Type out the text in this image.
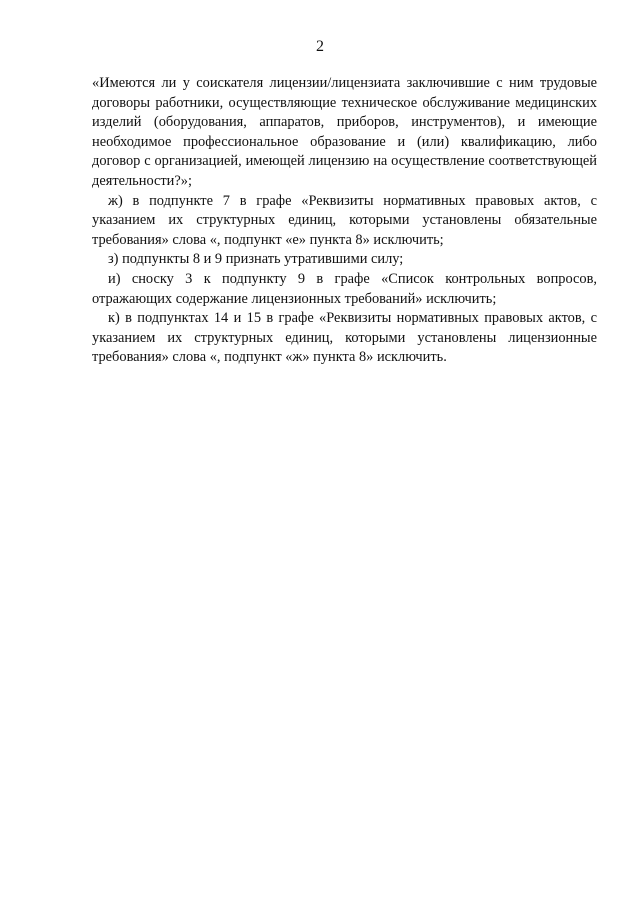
2

«Имеются ли у соискателя лицензии/лицензиата заключившие с ним трудовые договоры работники, осуществляющие техническое обслуживание медицинских изделий (оборудования, аппаратов, приборов, инструментов), и имеющие необходимое профессиональное образование и (или) квалификацию, либо договор с организацией, имеющей лицензию на осуществление соответствующей деятельности?»;

ж) в подпункте 7 в графе «Реквизиты нормативных правовых актов, с указанием их структурных единиц, которыми установлены обязательные требования» слова «, подпункт «е» пункта 8» исключить;

з) подпункты 8 и 9 признать утратившими силу;

и) сноску 3 к подпункту 9 в графе «Список контрольных вопросов, отражающих содержание лицензионных требований» исключить;

к) в подпунктах 14 и 15 в графе «Реквизиты нормативных правовых актов, с указанием их структурных единиц, которыми установлены лицензионные требования» слова «, подпункт «ж» пункта 8» исключить.
